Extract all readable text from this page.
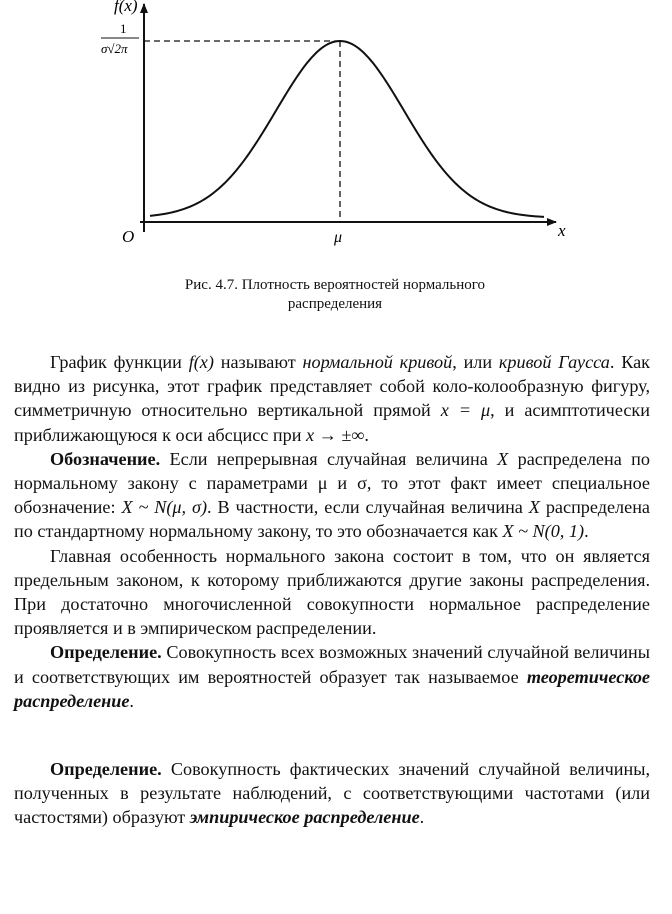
f(x)
x
O	μ
1
σ√2π
Рис. 4.7. Плотность вероятностей нормального
распределения

График функции f(x) называют нормальной кривой, или кривой Гаусса. Как видно из рисунка, этот график представляет собой коло-колообразную фигуру, симметричную относительно вертикальной прямой x = μ, и асимптотически приближающуюся к оси абсцисс при x → ±∞.

Обозначение. Если непрерывная случайная величина X распределена по нормальному закону с параметрами μ и σ, то этот факт имеет специальное обозначение: X ~ N(μ, σ). В частности, если случайная величина X распределена по стандартному нормальному закону, то это обозначается как X ~ N(0, 1).

Главная особенность нормального закона состоит в том, что он является предельным законом, к которому приближаются другие законы распределения. При достаточно многочисленной совокупности нормальное распределение проявляется и в эмпирическом распределении.

Определение. Совокупность всех возможных значений случайной величины и соответствующих им вероятностей образует так называемое теоретическое распределение.

Определение. Совокупность фактических значений случайной величины, полученных в результате наблюдений, с соответствующими частотами (или частостями) образуют эмпирическое распределение.
